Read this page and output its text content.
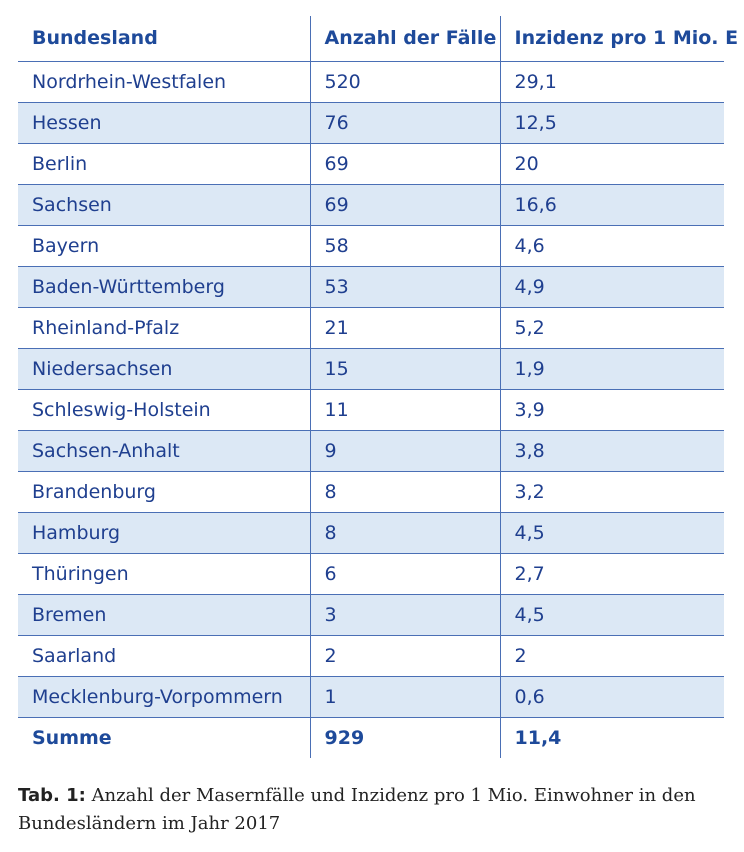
Bundesland	Anzahl der Fälle	Inzidenz pro 1 Mio. E
Nordrhein-Westfalen	520	29,1
Hessen	76	12,5
Berlin	69	20
Sachsen	69	16,6
Bayern	58	4,6
Baden-Württemberg	53	4,9
Rheinland-Pfalz	21	5,2
Niedersachsen	15	1,9
Schleswig-Holstein	11	3,9
Sachsen-Anhalt	9	3,8
Brandenburg	8	3,2
Hamburg	8	4,5
Thüringen	6	2,7
Bremen	3	4,5
Saarland	2	2
Mecklenburg-Vorpommern	1	0,6
Summe	929	11,4
Tab. 1: Anzahl der Masernfälle und Inzidenz pro 1 Mio. Einwohner in den Bundesländern im Jahr 2017
